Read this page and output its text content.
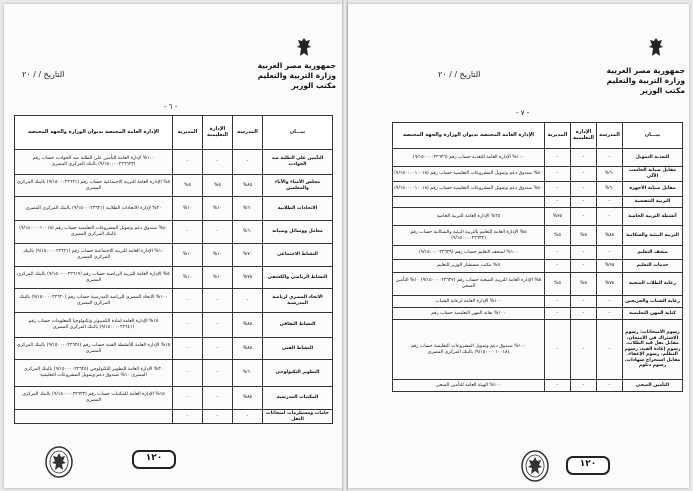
التاريخ / / ٢٠
جمهورية مصر العربية
وزارة التربية والتعليم
مكتب الوزير
- ٦ -
بيـــان	المدرسة	الإدارة التعليمية	المديرية	الإدارة العامة المختصة بديوان الوزارة والجهة المختصة
التأمين على الطلبة ضد الحوادث	-	-	-	١٠٠% لإدارة العامة للتأمين على الطلبة ضد الحوادث حساب رقم (٩/١٥٠٠٠٠٢٢٦٦٢٣) بالبنك المركزي المصري
مجلس الأمناء والآباء والمعلمين	٨٥%	٥%	٥%	٥% الإدارة العامة للتربية الاجتماعية حساب رقم (٩/١٥٠٠٠٢٢٦٢١) بالبنك المركزي المصري
الاتحادات الطلابية	٦٠%	١٠%	١٠%	٢٠% لإدارة الاتحادات الطلابية (٩/١٥٠٠٠٢٢٦٢١) بالبنك المركزي المصري
معامل ووسائل وصيانة	٦٠%	-	-	٤٠% صندوق دعم وتمويل المشروعات التعليمية حساب رقم (٩/١٥٠٠٠٠١٠٠١٨) بالبنك المركزي المصري
النشاط الاجتماعي	٧٠%	١٠%	١٠%	١٠% الإدارة العامة للتربية الاجتماعية حساب رقم (٩/١٥٠٠٠٠٢٢٦٢١) بالبنك المركزي المصري
النشاط الرياضي والكشفي	٧٥%	١٠%	١٠%	٥% الإدارة العامة للتربية الرياضية حساب رقم (٩/١٥٠٠٠٠٢٢٦١٩) بالبنك المركزي المصري
الاتحاد المصري لرياضة المدرسية	-	-	-	١٠٠% الاتحاد المصري للرياضة المدرسية حساب رقم (٩/١٥٠٠٠٠٢٢٦٢٠) بالبنك المركزي المصري
النشاط الثقافي	٨٥%	-	-	١٥% الإدارة العامة لمادة الكمبيوتر وتكنولوجيا المعلومات حساب رقم (٩/١٥٠٠٠٠٢٢٦٤١) بالبنك المركزي المصري
النشاط الفني	٨٥%	-	-	١٥% الإدارة العامة للأنشطة الفنية حساب رقم (٩/١٥٠٠٠٠٢٢٦٢٤) بالبنك المركزي المصري
التطوير التكنولوجي	٦٠%	-	-	٣٠% الإدارة العامة للتطوير التكنولوجي (٩/١٥٠٠٠٠٢٢٦٢٥) بالبنك المركزي المصري ١٠% صندوق دعم وتمويل المشروعات التعليمية
المكتبات المدرسية	٨٥%	-	-	١٥% الإدارة العامة للمكتبات حساب رقم (٩/١٥٠٠٠٠٢٢٦٢٣) بالبنك المركزي المصري
خامات ومستلزمات امتحانات النقل	-	-	-	
١٢٠
التاريخ / / ٢٠	جمهورية مصر العربية
وزارة التربية والتعليم
مكتب الوزير
- ٧ -
بيـــان	المدرسة	الإدارة التعليمية	المديرية	الإدارة العامة المختصة بديوان الوزارة والجهة المختصة
التغذية التمويل	-	-	-	١٠٠% الإدارة العامة للتغذية حساب رقم (٩/١٥٠٠٠٠٢٢٦٢٦)
مقابل صيانة الحاسب الآلي	٦٠%	-	-	٤٠% صندوق دعم وتمويل المشروعات التعليمية حساب رقم (٩/١٥٠٠٠٠١٠٠١٨)
مقابل صيانة الأجهزة	٦٠%	-	-	٤٠% صندوق دعم وتمويل المشروعات التعليمية حساب رقم (٩/١٥٠٠٠٠١٠٠١٨)
التربية التنفسية	-	-	-	
أنشطة التربية الخاصة	-	-	٧٥%	٢٥% الإدارة العامة للتربية الخاصة
التربية البيئية والسكانية	٨٥%	٥%	٥%	٥% الإدارة العامة للتعليم بالتربية البيئية والسكانية حساب رقم (٩/١٥٠٠٠٠٢٢٦٣٢)
متحف التعليم	-	-	-	١٠٠% لمتحف التعليم حساب رقم (٩/١٥٠٠٠٠٢٢٦٢٩)
خدمات التعليم	٩٥%	-	-	٥% مكتب مستشار الوزير للتعليم
رعاية الطلاب الصحية	٧٥%	٥%	٥%	٥% الإدارة العامة للتربية الصحية حساب رقم (٩/١٥٠٠٠٠٢٢٦٢٧) ١٠% التأمين الصحي
رعاية الشباب والخريجين	-	-	-	١٠٠% الإدارة العامة لرعاية الشباب
كتابة المهن التعليمية	-	-	-	١٠٠% نقابة المهن التعليمية حساب رقم
رسوم الامتحانات: رسوم الاشتراك في الامتحان، مقابل نقل قيد الطلاب، رسوم إعادة القيد، رسوم التظلم، رسوم الإعفاء، مقابل استخراج شهادات، رسوم دبلوم	-	-	-	١٠٠% صندوق دعم وتمويل المشروعات التعليمية حساب رقم (٩/١٥٠٠٠٠١٠٠١٨) بالبنك المركزي المصري
التأمين الصحي	-	-	-	١٠٠% الهيئة العامة للتأمين الصحي
١٢٠
